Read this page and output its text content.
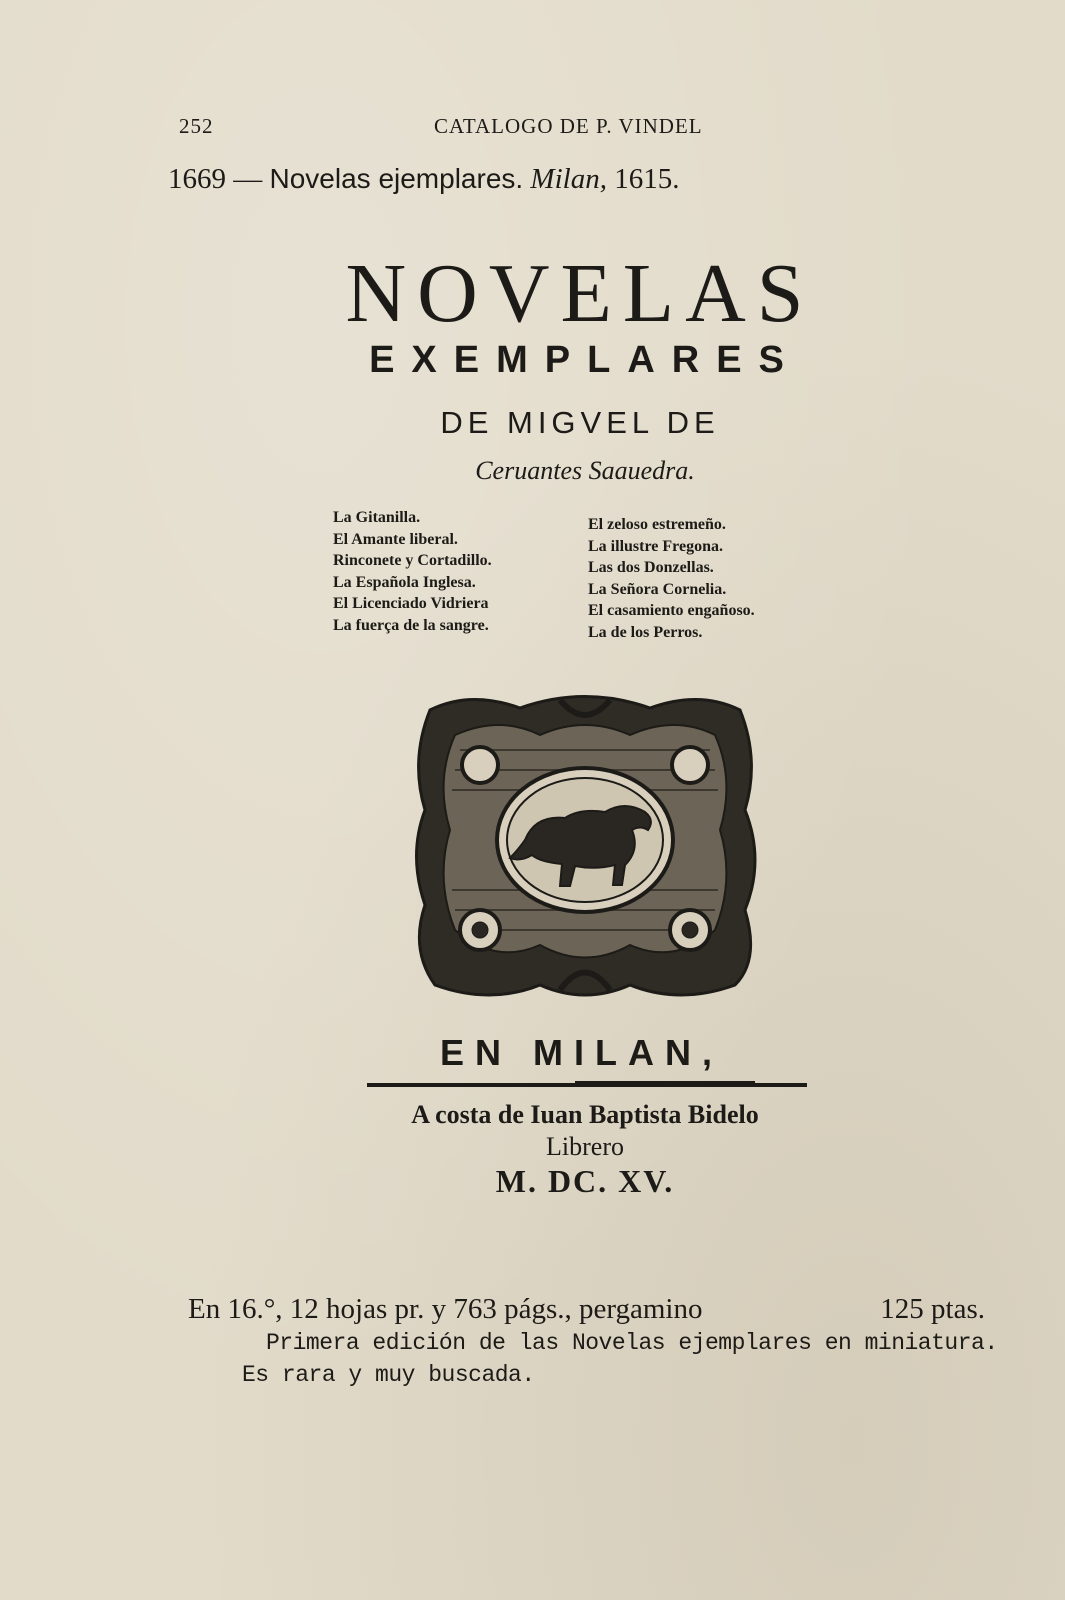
252	CATALOGO DE P. VINDEL
1669 — Novelas ejemplares. Milan, 1615.
NOVELAS
EXEMPLARES
DE MIGVEL DE
Ceruantes Saauedra.
La Gitanilla.
El Amante liberal.
Rinconete y Cortadillo.
La Española Inglesa.
El Licenciado Vidriera
La fuerça de la sangre.
El zeloso estremeño.
La illustre Fregona.
Las dos Donzellas.
La Señora Cornelia.
El casamiento engañoso.
La de los Perros.
EN MILAN,
A costa de Iuan Baptista Bidelo
Librero
M. DC. XV.
En 16.°, 12 hojas pr. y 763 págs., pergamino	125 ptas.
Primera edición de las Novelas ejemplares en miniatura.
Es rara y muy buscada.
